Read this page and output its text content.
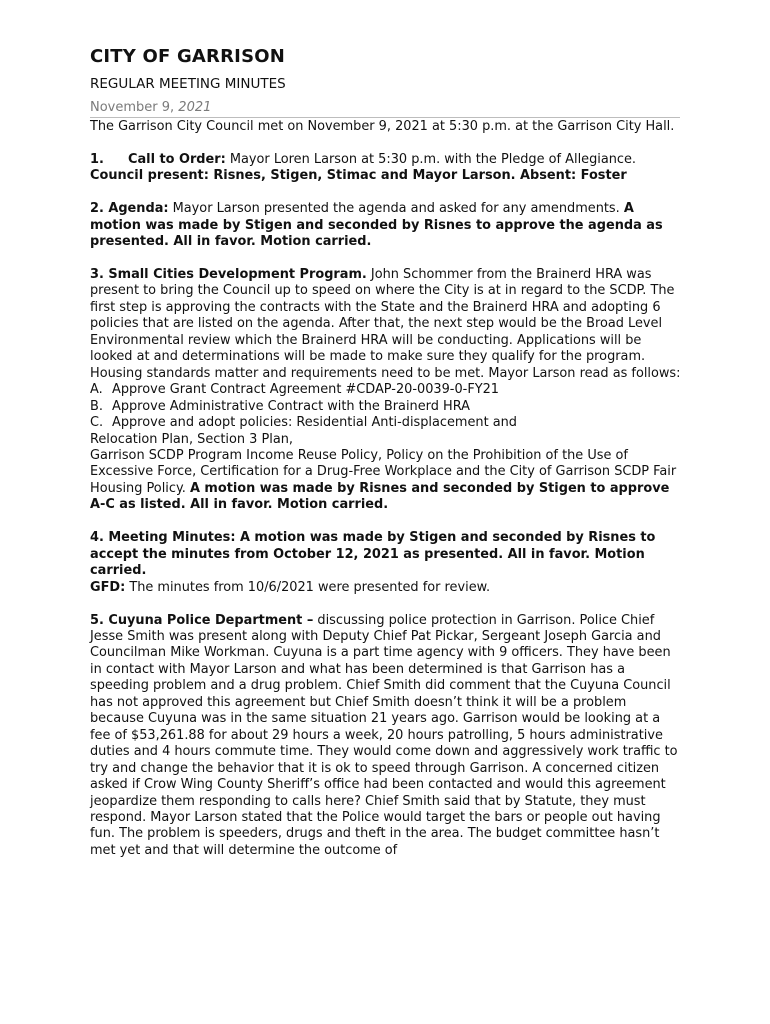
CITY OF GARRISON
REGULAR MEETING MINUTES
November 9, 2021

The Garrison City Council met on November 9, 2021 at 5:30 p.m. at the Garrison City Hall.

1. Call to Order: Mayor Loren Larson at 5:30 p.m. with the Pledge of Allegiance. Council present: Risnes, Stigen, Stimac and Mayor Larson. Absent: Foster

2. Agenda: Mayor Larson presented the agenda and asked for any amendments. A motion was made by Stigen and seconded by Risnes to approve the agenda as presented. All in favor. Motion carried.

3. Small Cities Development Program. John Schommer from the Brainerd HRA was present to bring the Council up to speed on where the City is at in regard to the SCDP. The first step is approving the contracts with the State and the Brainerd HRA and adopting 6 policies that are listed on the agenda. After that, the next step would be the Broad Level Environmental review which the Brainerd HRA will be conducting. Applications will be looked at and determinations will be made to make sure they qualify for the program. Housing standards matter and requirements need to be met. Mayor Larson read as follows:

A. Approve Grant Contract Agreement #CDAP-20-0039-0-FY21

B. Approve Administrative Contract with the Brainerd HRA

C. Approve and adopt policies: Residential Anti-displacement and

Relocation Plan, Section 3 Plan,

Garrison SCDP Program Income Reuse Policy, Policy on the Prohibition of the Use of Excessive Force, Certification for a Drug-Free Workplace and the City of Garrison SCDP Fair Housing Policy. A motion was made by Risnes and seconded by Stigen to approve A-C as listed. All in favor. Motion carried.

4. Meeting Minutes: A motion was made by Stigen and seconded by Risnes to accept the minutes from October 12, 2021 as presented. All in favor. Motion carried.

GFD: The minutes from 10/6/2021 were presented for review.

5. Cuyuna Police Department – discussing police protection in Garrison. Police Chief Jesse Smith was present along with Deputy Chief Pat Pickar, Sergeant Joseph Garcia and Councilman Mike Workman. Cuyuna is a part time agency with 9 officers. They have been in contact with Mayor Larson and what has been determined is that Garrison has a speeding problem and a drug problem. Chief Smith did comment that the Cuyuna Council has not approved this agreement but Chief Smith doesn’t think it will be a problem because Cuyuna was in the same situation 21 years ago. Garrison would be looking at a fee of $53,261.88 for about 29 hours a week, 20 hours patrolling, 5 hours administrative duties and 4 hours commute time. They would come down and aggressively work traffic to try and change the behavior that it is ok to speed through Garrison. A concerned citizen asked if Crow Wing County Sheriff’s office had been contacted and would this agreement jeopardize them responding to calls here? Chief Smith said that by Statute, they must respond. Mayor Larson stated that the Police would target the bars or people out having fun. The problem is speeders, drugs and theft in the area. The budget committee hasn’t met yet and that will determine the outcome of
